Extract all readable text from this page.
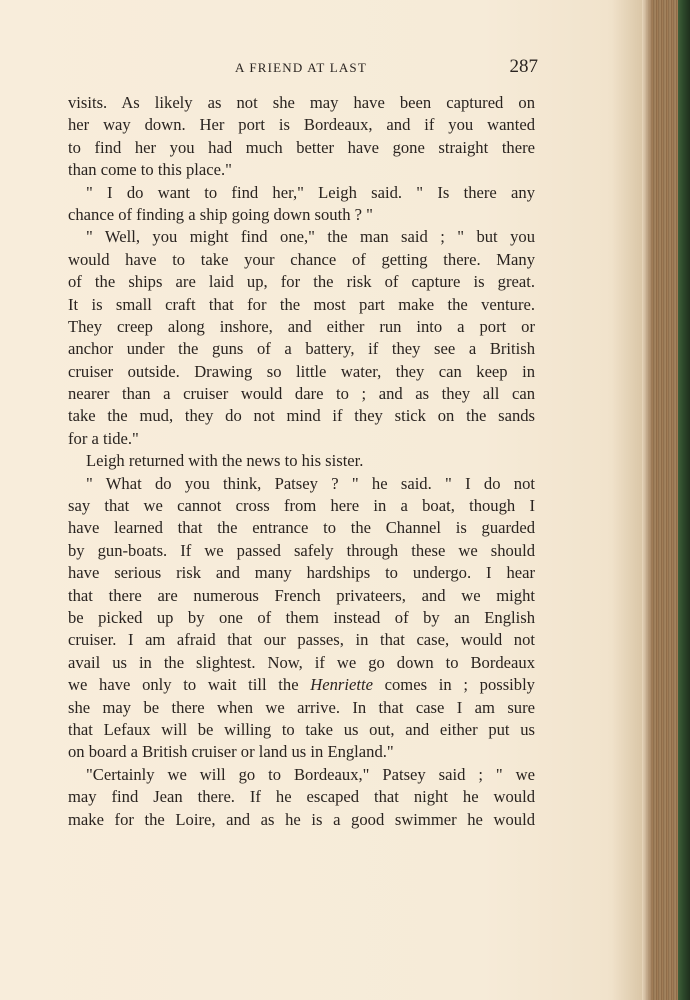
A FRIEND AT LAST	287
visits. As likely as not she may have been captured on
her way down. Her port is Bordeaux, and if you wanted
to find her you had much better have gone straight there
than come to this place."
" I do want to find her," Leigh said. " Is there any
chance of finding a ship going down south ? "
" Well, you might find one," the man said ; " but you
would have to take your chance of getting there. Many
of the ships are laid up, for the risk of capture is great.
It is small craft that for the most part make the venture.
They creep along inshore, and either run into a port or
anchor under the guns of a battery, if they see a British
cruiser outside. Drawing so little water, they can keep in
nearer than a cruiser would dare to ; and as they all can
take the mud, they do not mind if they stick on the sands
for a tide."
Leigh returned with the news to his sister.
" What do you think, Patsey ? " he said. " I do not
say that we cannot cross from here in a boat, though I
have learned that the entrance to the Channel is guarded
by gun-boats. If we passed safely through these we should
have serious risk and many hardships to undergo. I hear
that there are numerous French privateers, and we might
be picked up by one of them instead of by an English
cruiser. I am afraid that our passes, in that case, would not
avail us in the slightest. Now, if we go down to Bordeaux
we have only to wait till the Henriette comes in ; possibly
she may be there when we arrive. In that case I am sure
that Lefaux will be willing to take us out, and either put us
on board a British cruiser or land us in England."
"Certainly we will go to Bordeaux," Patsey said ; " we
may find Jean there. If he escaped that night he would
make for the Loire, and as he is a good swimmer he would
